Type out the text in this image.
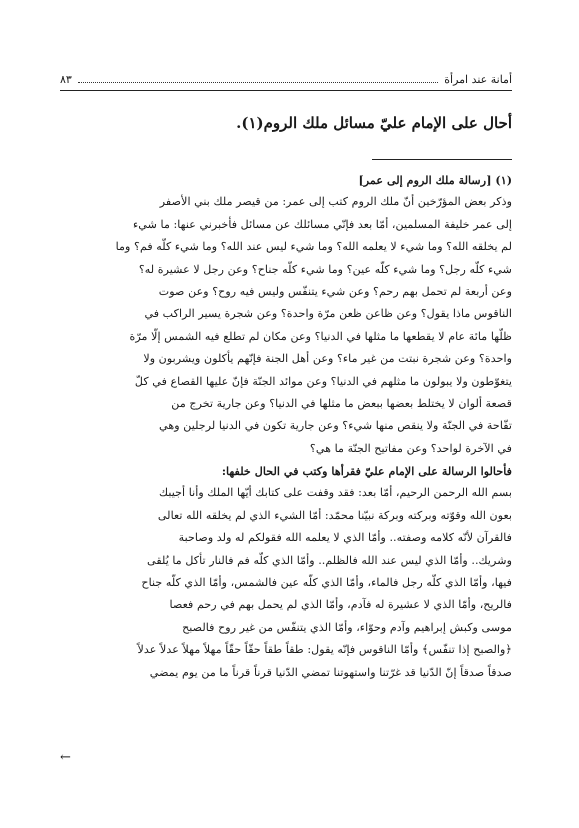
أمانة عند امرأة
٨٣
أحال على الإمام عليّ مسائل ملك الروم(١).
(١) [رسالة ملك الروم إلى عمر]
وذكر بعض المؤرّخين أنّ ملك الروم كتب إلى عمر: من قيصر ملك بني الأصفر
إلى عمر خليفة المسلمين، أمّا بعد فإنّي مسائلك عن مسائل فأخبرني عنها: ما شيء
لم يخلقه الله؟ وما شيء لا يعلمه الله؟ وما شيء ليس عند الله؟ وما شيء كلّه فم؟ وما
شيء كلّه رجل؟ وما شيء كلّه عين؟ وما شيء كلّه جناح؟ وعن رجل لا عشيرة له؟
وعن أربعة لم تحمل بهم رحم؟ وعن شيء يتنفّس وليس فيه روح؟ وعن صوت
الناقوس ماذا يقول؟ وعن ظاعن ظعن مرّة واحدة؟ وعن شجرة يسير الراكب في
ظلّها مائة عام لا يقطعها ما مثلها في الدنيا؟ وعن مكان لم تطلع فيه الشمس إلّا مرّة
واحدة؟ وعن شجرة نبتت من غير ماء؟ وعن أهل الجنة فإنّهم يأكلون ويشربون ولا
يتغوّطون ولا يبولون ما مثلهم في الدنيا؟ وعن موائد الجنّة فإنّ عليها القصاع في كلّ
قصعة ألوان لا يختلط بعضها ببعض ما مثلها في الدنيا؟ وعن جارية تخرج من
تفّاحة في الجنّة ولا ينقص منها شيء؟ وعن جارية تكون في الدنيا لرجلين وهي
في الآخرة لواحد؟ وعن مفاتيح الجنّة ما هي؟
فأحالوا الرسالة على الإمام عليّ فقرأها وكتب في الحال خلفها:
بسم الله الرحمن الرحيم، أمّا بعد: فقد وقفت على كتابك أيّها الملك وأنا أجيبك
بعون الله وقوّته وبركته وبركة نبيّنا محمّد: أمّا الشيء الذي لم يخلقه الله تعالى
فالقرآن لأنّه كلامه وصفته.. وأمّا الذي لا يعلمه الله فقولكم له ولد وصاحبة
وشريك.. وأمّا الذي ليس عند الله فالظلم.. وأمّا الذي كلّه فم فالنار تأكل ما يُلقى
فيها، وأمّا الذي كلّه رجل فالماء، وأمّا الذي كلّه عين فالشمس، وأمّا الذي كلّه جناح
فالريح، وأمّا الذي لا عشيرة له فآدم، وأمّا الذي لم يحمل بهم في رحم فعصا
موسى وكبش إبراهيم وآدم وحوّاء، وأمّا الذي يتنفّس من غير روح فالصبح
﴿والصبح إذا تنفّس﴾ وأمّا الناقوس فإنّه يقول: طقاً طقاً حقّاً حقّاً مهلاً مهلاً عدلاً عدلاً
صدقاً صدقاً إنّ الدّنيا قد غرّتنا واستهوتنا تمضي الدّنيا قرناً قرناً ما من يوم يمضي
←
